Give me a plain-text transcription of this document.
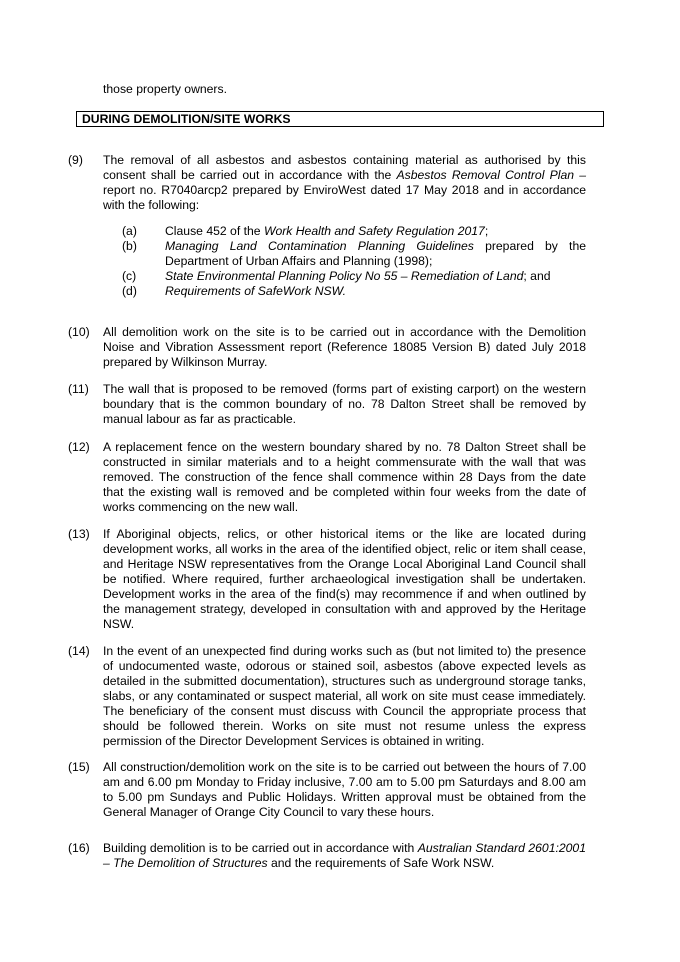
those property owners.
DURING DEMOLITION/SITE WORKS
(9) The removal of all asbestos and asbestos containing material as authorised by this consent shall be carried out in accordance with the Asbestos Removal Control Plan – report no. R7040arcp2 prepared by EnviroWest dated 17 May 2018 and in accordance with the following:
(a) Clause 452 of the Work Health and Safety Regulation 2017;
(b) Managing Land Contamination Planning Guidelines prepared by the Department of Urban Affairs and Planning (1998);
(c) State Environmental Planning Policy No 55 – Remediation of Land; and
(d) Requirements of SafeWork NSW.
(10) All demolition work on the site is to be carried out in accordance with the Demolition Noise and Vibration Assessment report (Reference 18085 Version B) dated July 2018 prepared by Wilkinson Murray.
(11) The wall that is proposed to be removed (forms part of existing carport) on the western boundary that is the common boundary of no. 78 Dalton Street shall be removed by manual labour as far as practicable.
(12) A replacement fence on the western boundary shared by no. 78 Dalton Street shall be constructed in similar materials and to a height commensurate with the wall that was removed. The construction of the fence shall commence within 28 Days from the date that the existing wall is removed and be completed within four weeks from the date of works commencing on the new wall.
(13) If Aboriginal objects, relics, or other historical items or the like are located during development works, all works in the area of the identified object, relic or item shall cease, and Heritage NSW representatives from the Orange Local Aboriginal Land Council shall be notified. Where required, further archaeological investigation shall be undertaken. Development works in the area of the find(s) may recommence if and when outlined by the management strategy, developed in consultation with and approved by the Heritage NSW.
(14) In the event of an unexpected find during works such as (but not limited to) the presence of undocumented waste, odorous or stained soil, asbestos (above expected levels as detailed in the submitted documentation), structures such as underground storage tanks, slabs, or any contaminated or suspect material, all work on site must cease immediately. The beneficiary of the consent must discuss with Council the appropriate process that should be followed therein. Works on site must not resume unless the express permission of the Director Development Services is obtained in writing.
(15) All construction/demolition work on the site is to be carried out between the hours of 7.00 am and 6.00 pm Monday to Friday inclusive, 7.00 am to 5.00 pm Saturdays and 8.00 am to 5.00 pm Sundays and Public Holidays. Written approval must be obtained from the General Manager of Orange City Council to vary these hours.
(16) Building demolition is to be carried out in accordance with Australian Standard 2601:2001 – The Demolition of Structures and the requirements of Safe Work NSW.
